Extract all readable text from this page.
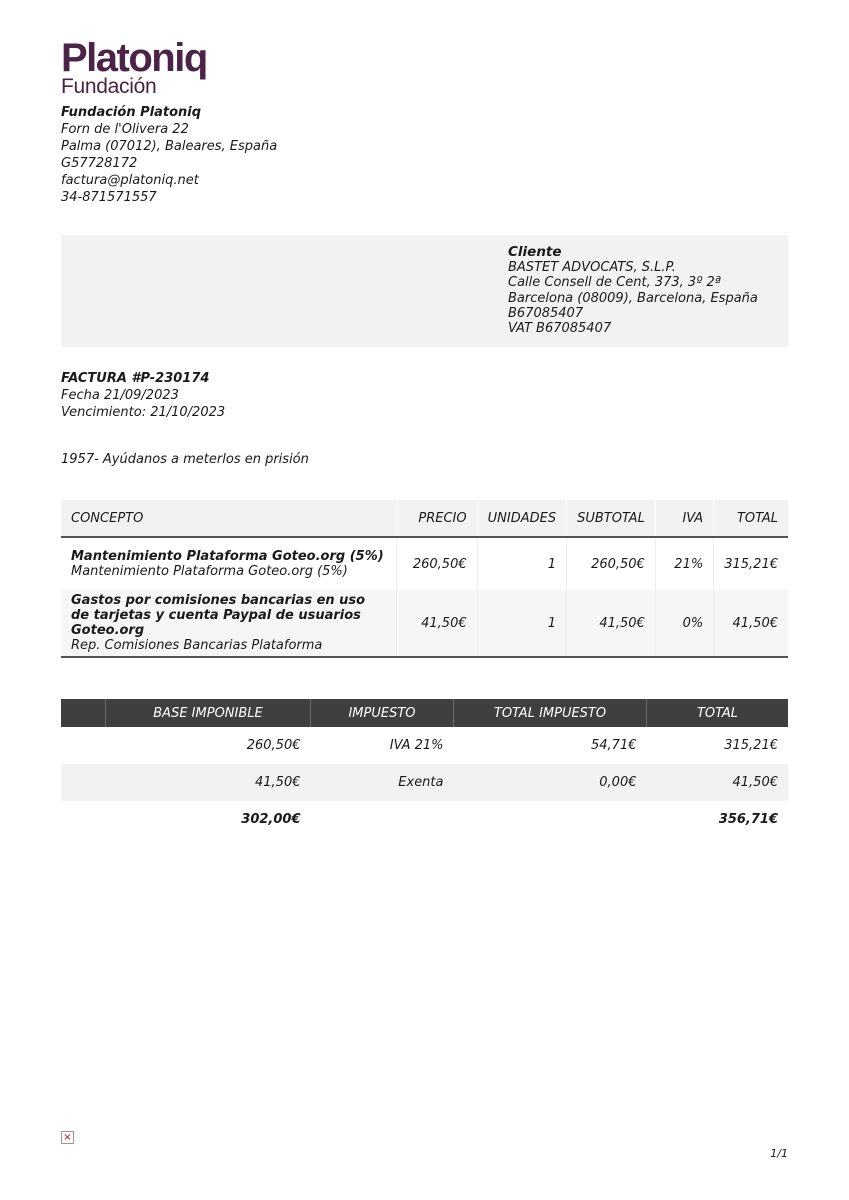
Platoniq
Fundación
Fundación Platoniq
Forn de l'Olivera 22
Palma (07012), Baleares, España
G57728172
factura@platoniq.net
34-871571557
Cliente
BASTET ADVOCATS, S.L.P.
Calle Consell de Cent, 373, 3º 2ª
Barcelona (08009), Barcelona, España
B67085407
VAT B67085407
FACTURA #P-230174
Fecha 21/09/2023
Vencimiento: 21/10/2023
1957- Ayúdanos a meterlos en prisión
CONCEPTO	PRECIO	UNIDADES	SUBTOTAL	IVA	TOTAL

Mantenimiento Plataforma Goteo.org (5%)
Mantenimiento Plataforma Goteo.org (5%)	260,50€	1	260,50€	21%	315,21€

Gastos por comisiones bancarias en uso de tarjetas y cuenta Paypal de usuarios Goteo.org
Rep. Comisiones Bancarias Plataforma	41,50€	1	41,50€	0%	41,50€
	BASE IMPONIBLE	IMPUESTO	TOTAL IMPUESTO	TOTAL
	260,50€	IVA 21%	54,71€	315,21€
	41,50€	Exenta	0,00€	41,50€
	302,00€			356,71€
×
1/1
